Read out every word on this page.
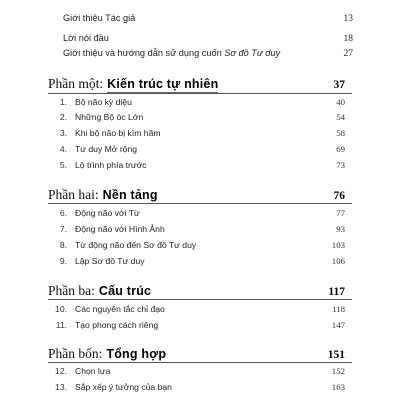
Giới thiệu Tác giả	13
Lời nói đầu	18
Giới thiệu và hướng dẫn sử dụng cuốn Sơ đồ Tư duy	27
Phần một: Kiến trúc tự nhiên	37
1. Bộ não kỳ diệu	40
2. Những Bộ óc Lớn	54
3. Khi bộ não bị kìm hãm	58
4. Tư duy Mở rộng	69
5. Lộ trình phía trước	73
Phần hai: Nền tảng	76
6. Động não với Từ	77
7. Động não với Hình Ảnh	93
8. Từ động não đến Sơ đồ Tư duy	103
9. Lập Sơ đồ Tư duy	106
Phần ba: Cấu trúc	117
10. Các nguyên tắc chỉ đạo	118
11. Tạo phong cách riêng	147
Phần bốn: Tổng hợp	151
12. Chọn lựa	152
13. Sắp xếp ý tưởng của bạn	163
